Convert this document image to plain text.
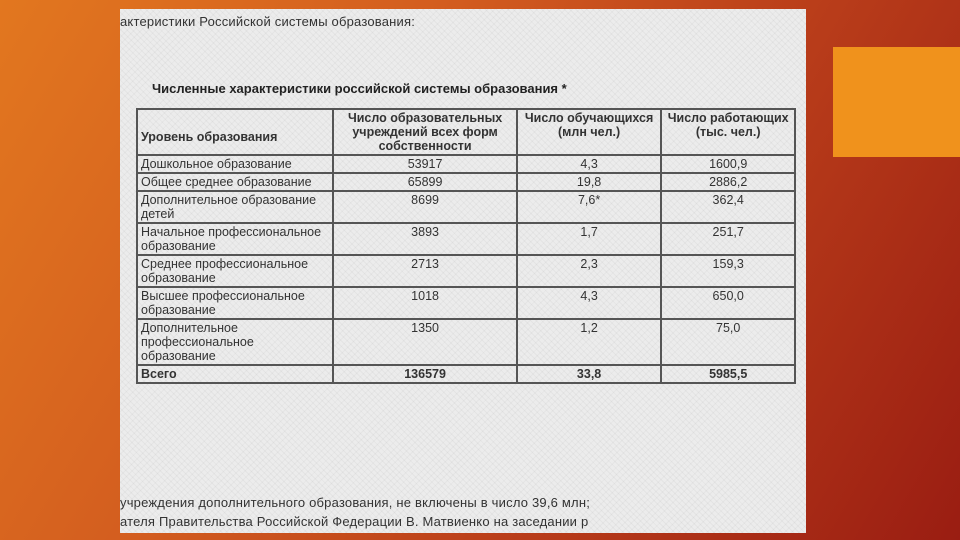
актеристики Российской системы образования:
Численные характеристики российской системы образования *
Уровень образования	Число образовательных учреждений всех форм собственности	Число обучающихся (млн чел.)	Число работающих (тыс. чел.)
Дошкольное образование	53917	4,3	1600,9
Общее среднее образование	65899	19,8	2886,2
Дополнительное образование детей	8699	7,6*	362,4
Начальное профессиональное образование	3893	1,7	251,7
Среднее профессиональное образование	2713	2,3	159,3
Высшее профессиональное образование	1018	4,3	650,0
Дополнительное профессиональное образование	1350	1,2	75,0
Всего	136579	33,8	5985,5
учреждения дополнительного образования, не включены в число 39,6 млн;
ателя Правительства Российской Федерации В. Матвиенко на заседании р
